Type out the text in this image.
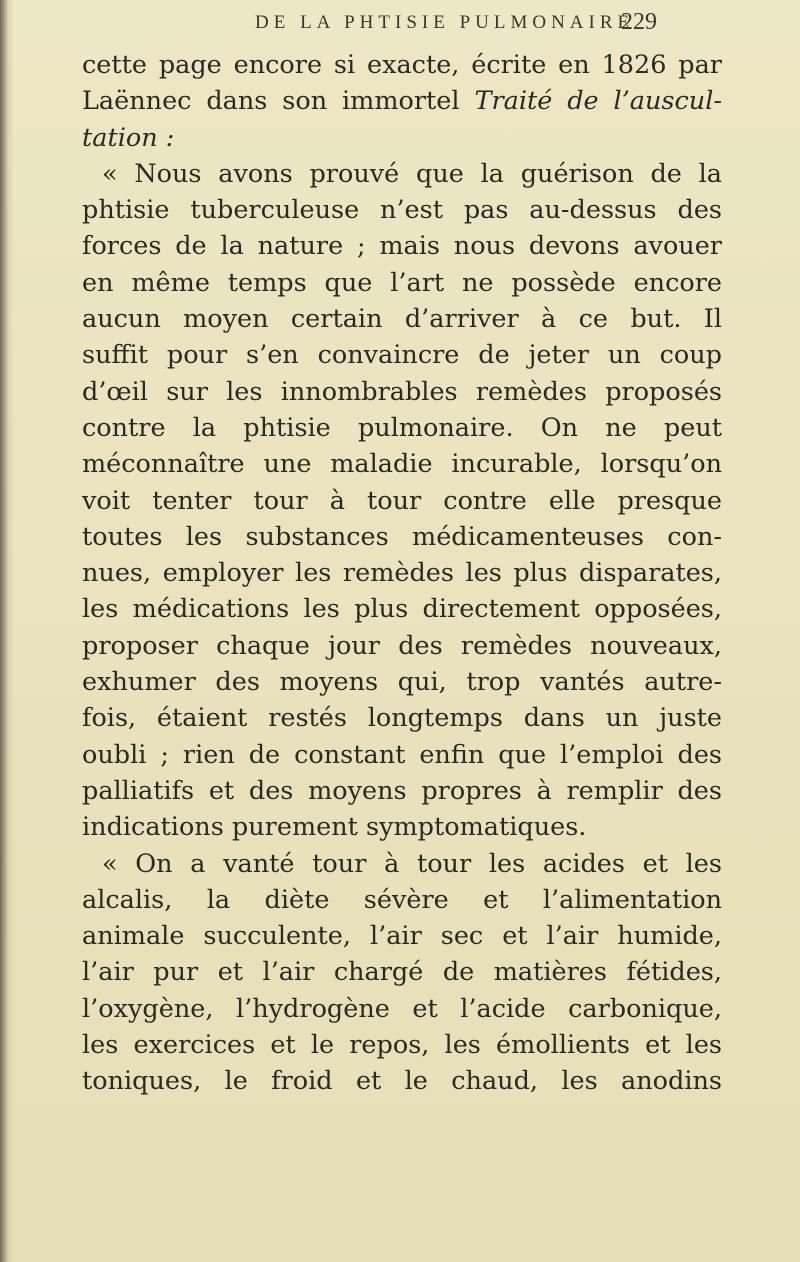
DE LA PHTISIE PULMONAIRE
229
cette page encore si exacte, écrite en 1826 par
Laënnec dans son immortel Traité de l’auscul-
tation :
« Nous avons prouvé que la guérison de la
phtisie tuberculeuse n’est pas au-dessus des
forces de la nature ; mais nous devons avouer
en même temps que l’art ne possède encore
aucun moyen certain d’arriver à ce but. Il
suffit pour s’en convaincre de jeter un coup
d’œil sur les innombrables remèdes proposés
contre la phtisie pulmonaire. On ne peut
méconnaître une maladie incurable, lorsqu’on
voit tenter tour à tour contre elle presque
toutes les substances médicamenteuses con-
nues, employer les remèdes les plus disparates,
les médications les plus directement opposées,
proposer chaque jour des remèdes nouveaux,
exhumer des moyens qui, trop vantés autre-
fois, étaient restés longtemps dans un juste
oubli ; rien de constant enfin que l’emploi des
palliatifs et des moyens propres à remplir des
indications purement symptomatiques.
« On a vanté tour à tour les acides et les
alcalis, la diète sévère et l’alimentation
animale succulente, l’air sec et l’air humide,
l’air pur et l’air chargé de matières fétides,
l’oxygène, l’hydrogène et l’acide carbonique,
les exercices et le repos, les émollients et les
toniques, le froid et le chaud, les anodins
